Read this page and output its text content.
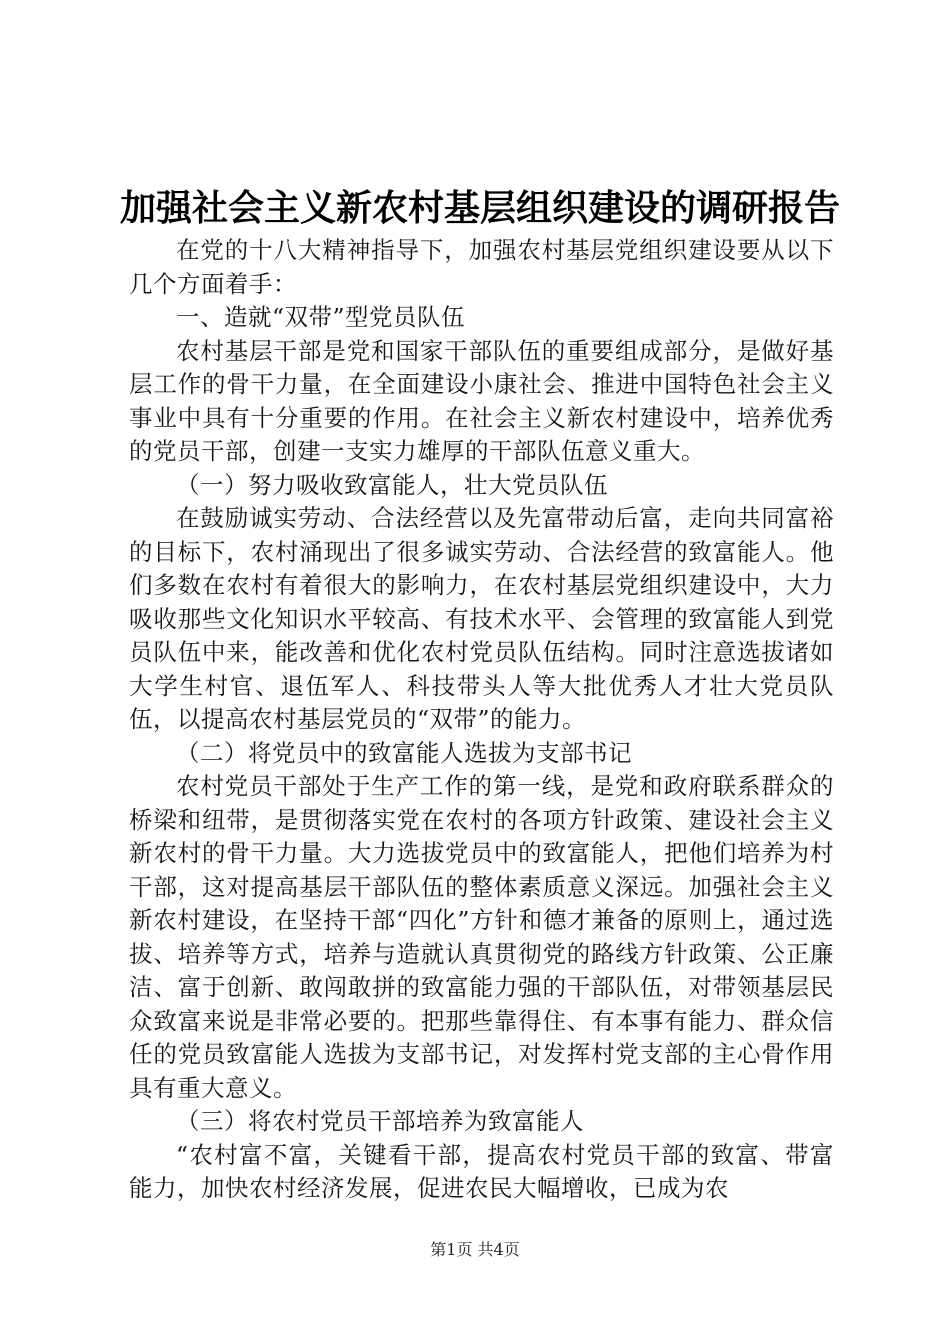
加强社会主义新农村基层组织建设的调研报告

在党的十八大精神指导下，加强农村基层党组织建设要从以下几个方面着手：

一、造就“双带”型党员队伍

农村基层干部是党和国家干部队伍的重要组成部分，是做好基层工作的骨干力量，在全面建设小康社会、推进中国特色社会主义事业中具有十分重要的作用。在社会主义新农村建设中，培养优秀的党员干部，创建一支实力雄厚的干部队伍意义重大。

（一）努力吸收致富能人，壮大党员队伍

在鼓励诚实劳动、合法经营以及先富带动后富，走向共同富裕的目标下，农村涌现出了很多诚实劳动、合法经营的致富能人。他们多数在农村有着很大的影响力，在农村基层党组织建设中，大力吸收那些文化知识水平较高、有技术水平、会管理的致富能人到党员队伍中来，能改善和优化农村党员队伍结构。同时注意选拔诸如大学生村官、退伍军人、科技带头人等大批优秀人才壮大党员队伍，以提高农村基层党员的“双带”的能力。

（二）将党员中的致富能人选拔为支部书记

农村党员干部处于生产工作的第一线，是党和政府联系群众的桥梁和纽带，是贯彻落实党在农村的各项方针政策、建设社会主义新农村的骨干力量。大力选拔党员中的致富能人，把他们培养为村干部，这对提高基层干部队伍的整体素质意义深远。加强社会主义新农村建设，在坚持干部“四化”方针和德才兼备的原则上，通过选拔、培养等方式，培养与造就认真贯彻党的路线方针政策、公正廉洁、富于创新、敢闯敢拼的致富能力强的干部队伍，对带领基层民众致富来说是非常必要的。把那些靠得住、有本事有能力、群众信任的党员致富能人选拔为支部书记，对发挥村党支部的主心骨作用具有重大意义。

（三）将农村党员干部培养为致富能人

“农村富不富，关键看干部，提高农村党员干部的致富、带富能力，加快农村经济发展，促进农民大幅增收，已成为农

第1页 共4页
